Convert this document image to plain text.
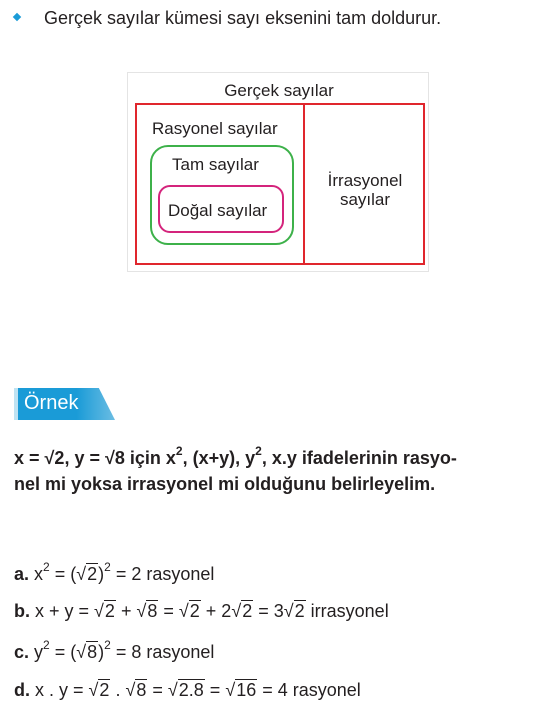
Gerçek sayılar kümesi sayı eksenini tam doldurur.
Gerçek sayılar
Rasyonel sayılar
Tam sayılar
Doğal sayılar
İrrasyonel
sayılar
Örnek
x = √2, y = √8 için $x^2$, (x+y), $y^2$, x.y ifadelerinin rasyo-
nel mi yoksa irrasyonel mi olduğunu belirleyelim.
a. $x^2 = (√2)^2 = 2$ rasyonel
b. x + y = √2 + √8 = √2 + 2√2 = 3√2 irrasyonel
c. $y^2 = (√8)^2 = 8$ rasyonel
d. x . y = √2 . √8 = √2.8 = √16 = 4 rasyonel
